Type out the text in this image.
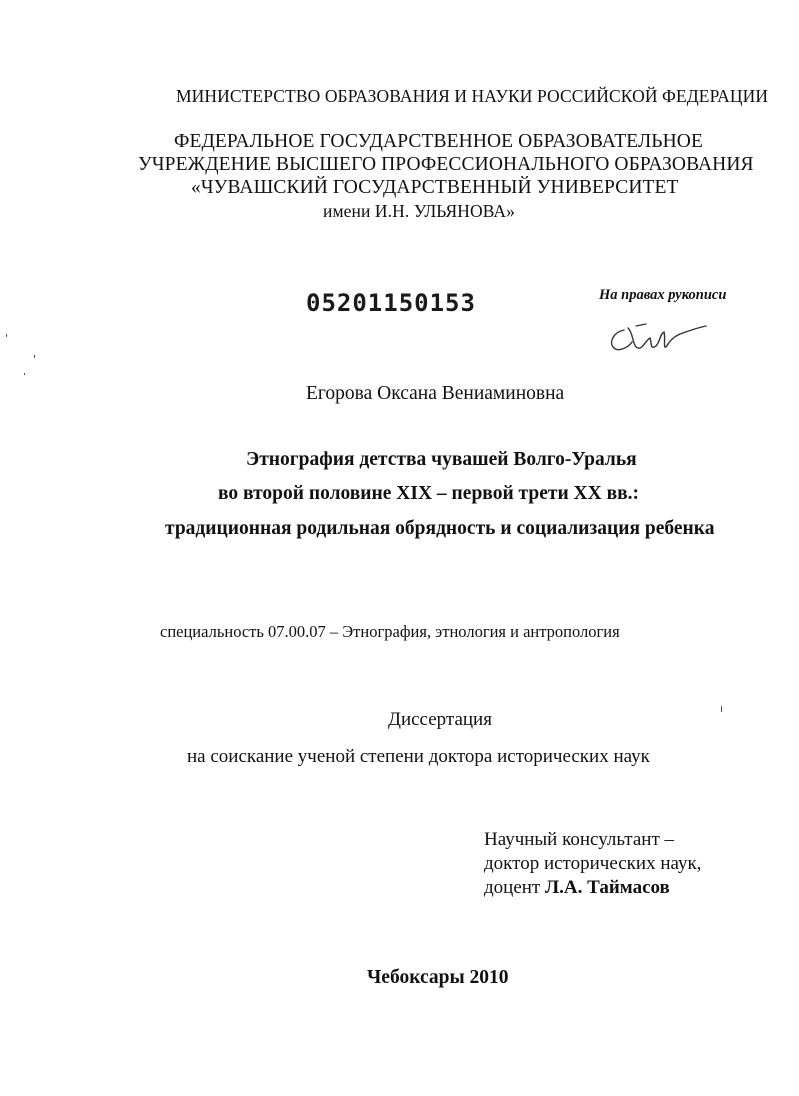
МИНИСТЕРСТВО ОБРАЗОВАНИЯ И НАУКИ РОССИЙСКОЙ ФЕДЕРАЦИИ
ФЕДЕРАЛЬНОЕ ГОСУДАРСТВЕННОЕ ОБРАЗОВАТЕЛЬНОЕ
УЧРЕЖДЕНИЕ ВЫСШЕГО ПРОФЕССИОНАЛЬНОГО ОБРАЗОВАНИЯ
«ЧУВАШСКИЙ ГОСУДАРСТВЕННЫЙ УНИВЕРСИТЕТ
имени И.Н. УЛЬЯНОВА»
05201150153	На правах рукописи
Егорова Оксана Вениаминовна
Этнография детства чувашей Волго-Уралья
во второй половине XIX – первой трети XX вв.:
традиционная родильная обрядность и социализация ребенка
специальность 07.00.07 – Этнография, этнология и антропология
Диссертация
на соискание ученой степени доктора исторических наук
Научный консультант –
доктор исторических наук,
доцент Л.А. Таймасов
Чебоксары 2010
